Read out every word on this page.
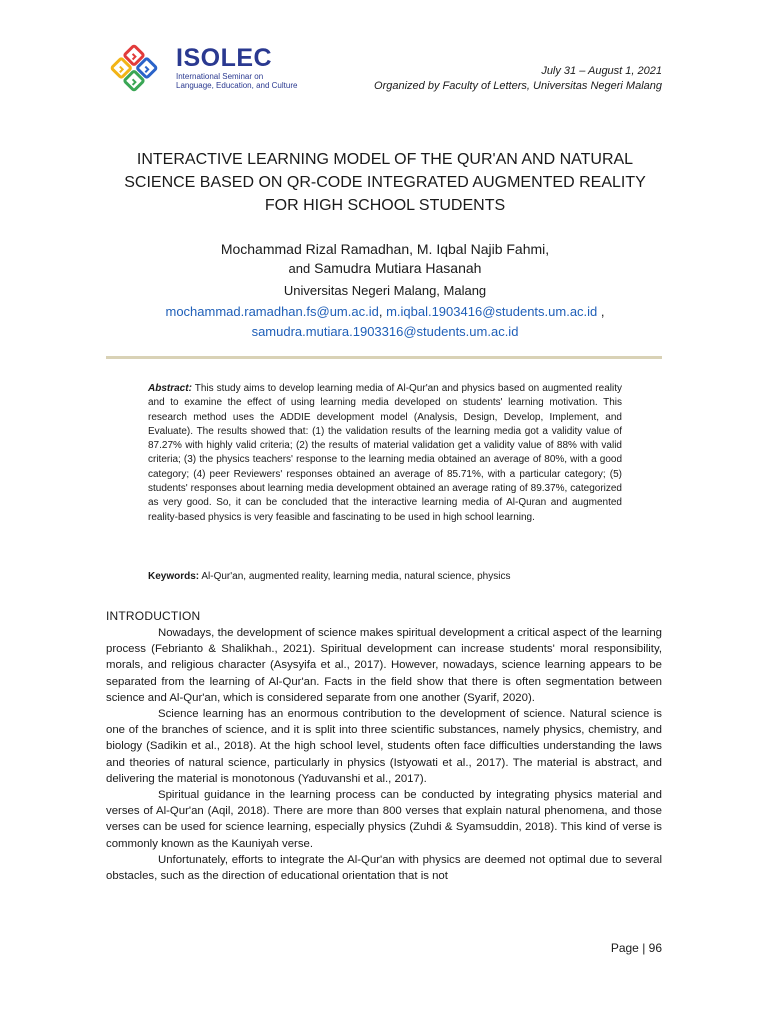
ISOLEC
International Seminar on
Language, Education, and Culture
July 31 – August 1, 2021
Organized by Faculty of Letters, Universitas Negeri Malang
INTERACTIVE LEARNING MODEL OF THE QUR'AN AND NATURAL
SCIENCE BASED ON QR-CODE INTEGRATED AUGMENTED REALITY
FOR HIGH SCHOOL STUDENTS
Mochammad Rizal Ramadhan, M. Iqbal Najib Fahmi,
and Samudra Mutiara Hasanah
Universitas Negeri Malang, Malang
mochammad.ramadhan.fs@um.ac.id, m.iqbal.1903416@students.um.ac.id ,
samudra.mutiara.1903316@students.um.ac.id
Abstract: This study aims to develop learning media of Al-Qur'an and physics based on augmented reality and to examine the effect of using learning media developed on students' learning motivation. This research method uses the ADDIE development model (Analysis, Design, Develop, Implement, and Evaluate). The results showed that: (1) the validation results of the learning media got a validity value of 87.27% with highly valid criteria; (2) the results of material validation get a validity value of 88% with valid criteria; (3) the physics teachers' response to the learning media obtained an average of 80%, with a good category; (4) peer Reviewers' responses obtained an average of 85.71%, with a particular category; (5) students' responses about learning media development obtained an average rating of 89.37%, categorized as very good. So, it can be concluded that the interactive learning media of Al-Quran and augmented reality-based physics is very feasible and fascinating to be used in high school learning.
Keywords: Al-Qur'an, augmented reality, learning media, natural science, physics
INTRODUCTION

Nowadays, the development of science makes spiritual development a critical aspect of the learning process (Febrianto & Shalikhah., 2021). Spiritual development can increase students' moral responsibility, morals, and religious character (Asysyifa et al., 2017). However, nowadays, science learning appears to be separated from the learning of Al-Qur'an. Facts in the field show that there is often segmentation between science and Al-Qur'an, which is considered separate from one another (Syarif, 2020).

Science learning has an enormous contribution to the development of science. Natural science is one of the branches of science, and it is split into three scientific substances, namely physics, chemistry, and biology (Sadikin et al., 2018). At the high school level, students often face difficulties understanding the laws and theories of natural science, particularly in physics (Istyowati et al., 2017). The material is abstract, and delivering the material is monotonous (Yaduvanshi et al., 2017).

Spiritual guidance in the learning process can be conducted by integrating physics material and verses of Al-Qur'an (Aqil, 2018). There are more than 800 verses that explain natural phenomena, and those verses can be used for science learning, especially physics (Zuhdi & Syamsuddin, 2018). This kind of verse is commonly known as the Kauniyah verse.

Unfortunately, efforts to integrate the Al-Qur'an with physics are deemed not optimal due to several obstacles, such as the direction of educational orientation that is not

Page | 96
